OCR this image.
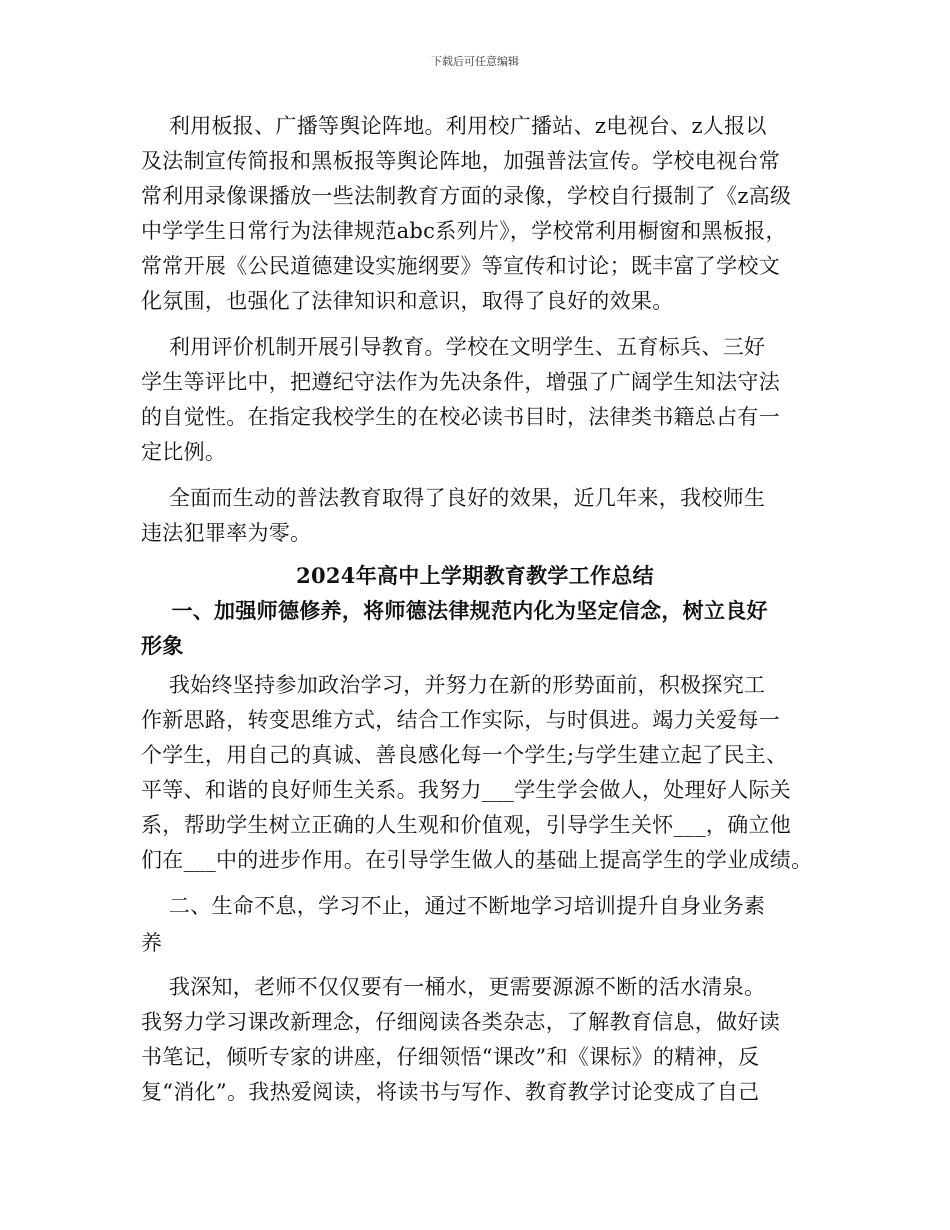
下载后可任意编辑
利用板报、广播等舆论阵地。利用校广播站、z电视台、z人报以
及法制宣传简报和黑板报等舆论阵地，加强普法宣传。学校电视台常
常利用录像课播放一些法制教育方面的录像，学校自行摄制了《z高级
中学学生日常行为法律规范abc系列片》，学校常利用橱窗和黑板报，
常常开展《公民道德建设实施纲要》等宣传和讨论；既丰富了学校文
化氛围，也强化了法律知识和意识，取得了良好的效果。
利用评价机制开展引导教育。学校在文明学生、五育标兵、三好
学生等评比中，把遵纪守法作为先决条件，增强了广阔学生知法守法
的自觉性。在指定我校学生的在校必读书目时，法律类书籍总占有一
定比例。
全面而生动的普法教育取得了良好的效果，近几年来，我校师生
违法犯罪率为零。
2024年高中上学期教育教学工作总结
一、加强师德修养，将师德法律规范内化为坚定信念，树立良好
形象
我始终坚持参加政治学习，并努力在新的形势面前，积极探究工
作新思路，转变思维方式，结合工作实际，与时俱进。竭力关爱每一
个学生，用自己的真诚、善良感化每一个学生;与学生建立起了民主、
平等、和谐的良好师生关系。我努力___学生学会做人，处理好人际关
系，帮助学生树立正确的人生观和价值观，引导学生关怀___，确立他
们在___中的进步作用。在引导学生做人的基础上提高学生的学业成绩。
二、生命不息，学习不止，通过不断地学习培训提升自身业务素
养
我深知，老师不仅仅要有一桶水，更需要源源不断的活水清泉。
我努力学习课改新理念，仔细阅读各类杂志，了解教育信息，做好读
书笔记，倾听专家的讲座，仔细领悟“课改”和《课标》的精神，反
复“消化”。我热爱阅读，将读书与写作、教育教学讨论变成了自己
